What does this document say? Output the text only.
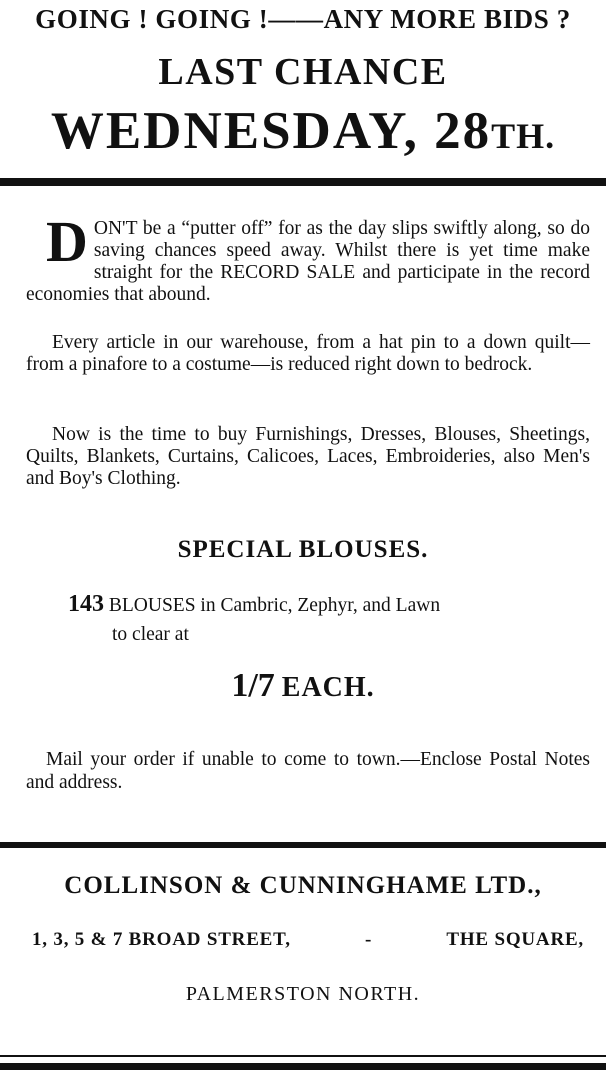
GOING ! GOING !——ANY MORE BIDS ?
LAST CHANCE
WEDNESDAY, 28TH.
D ON'T be a “putter off” for as the day slips swiftly along, so do saving chances speed away. Whilst there is yet time make straight for the RECORD SALE and participate in the record economies that abound.
Every article in our warehouse, from a hat pin to a down quilt—from a pinafore to a costume—is reduced right down to bedrock.
Now is the time to buy Furnishings, Dresses, Blouses, Sheetings, Quilts, Blankets, Curtains, Calicoes, Laces, Embroideries, also Men's and Boy's Clothing.
SPECIAL BLOUSES.
143 BLOUSES in Cambric, Zephyr, and Lawn
to clear at
1/7 EACH.
Mail your order if unable to come to town.—Enclose Postal Notes and address.
COLLINSON & CUNNINGHAME LTD.,
1, 3, 5 & 7 BROAD STREET,	-	THE SQUARE,
PALMERSTON NORTH.
